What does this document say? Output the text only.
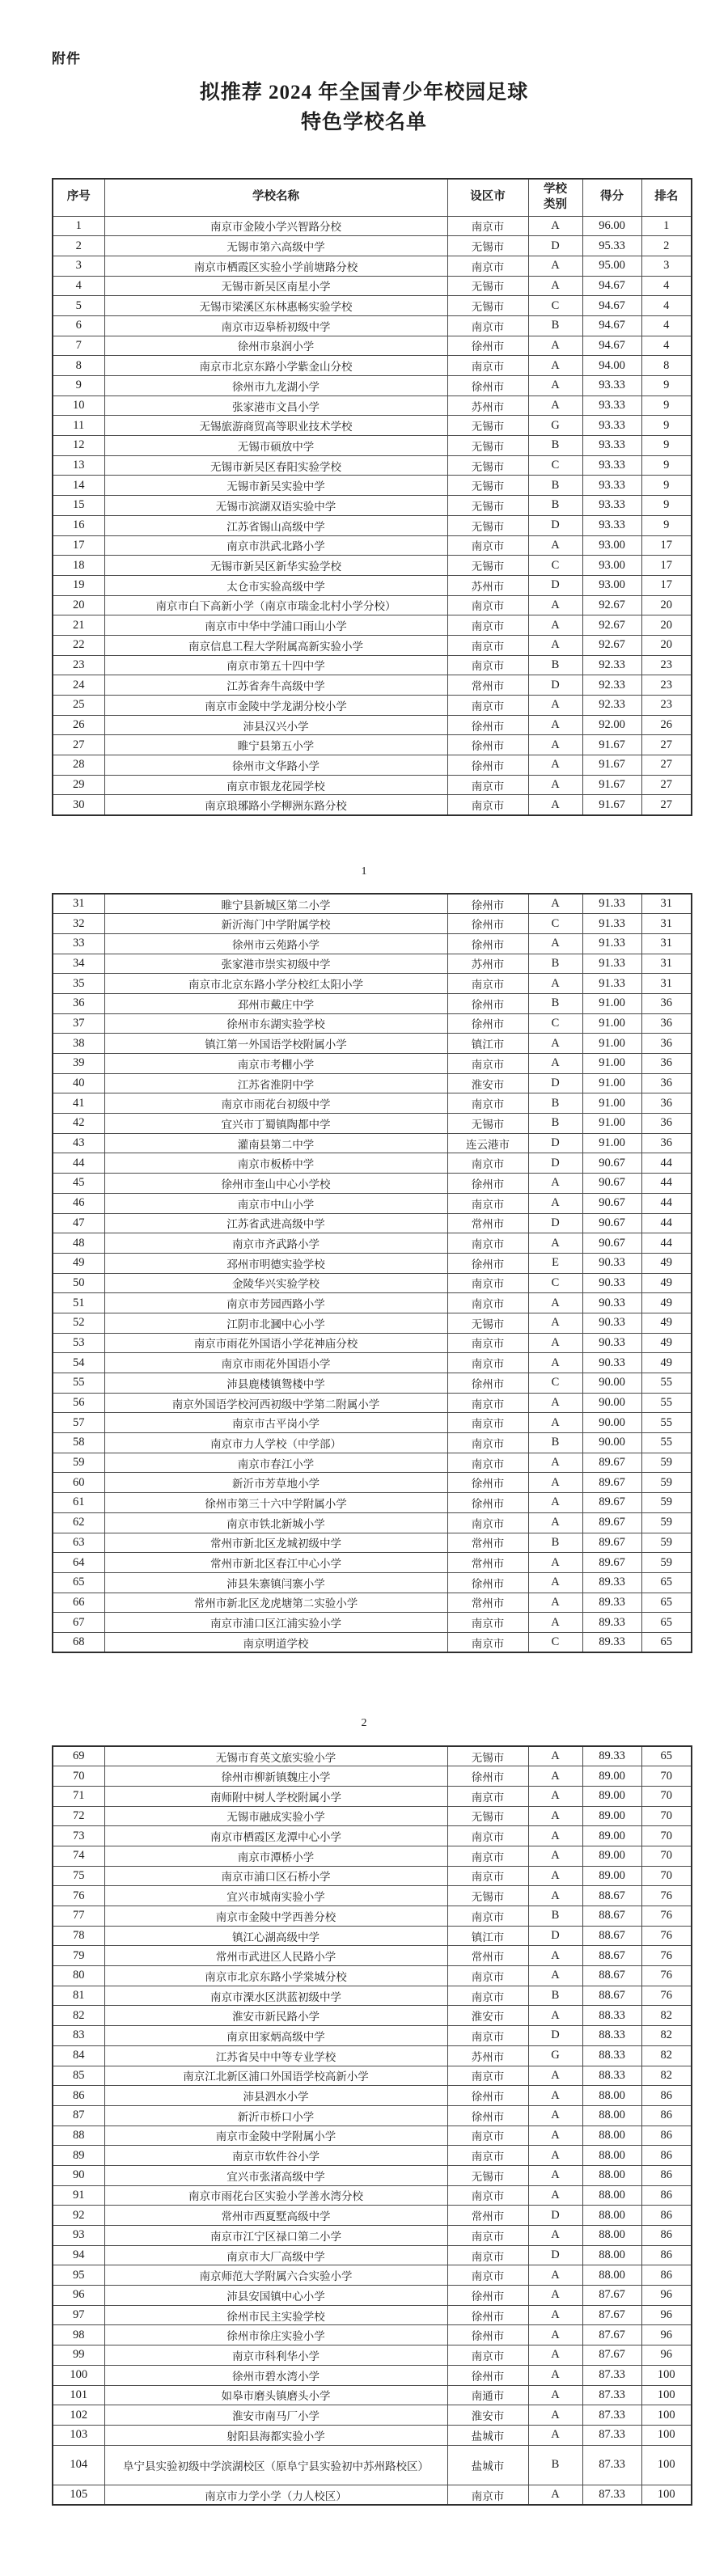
附件
拟推荐 2024 年全国青少年校园足球
特色学校名单
序号	学校名称	设区市	学校类别	得分	排名
1	南京市金陵小学兴智路分校	南京市	A	96.00	1
2	无锡市第六高级中学	无锡市	D	95.33	2
3	南京市栖霞区实验小学前塘路分校	南京市	A	95.00	3
4	无锡市新吴区南星小学	无锡市	A	94.67	4
5	无锡市梁溪区东林惠畅实验学校	无锡市	C	94.67	4
6	南京市迈皋桥初级中学	南京市	B	94.67	4
7	徐州市泉润小学	徐州市	A	94.67	4
8	南京市北京东路小学紫金山分校	南京市	A	94.00	8
9	徐州市九龙湖小学	徐州市	A	93.33	9
10	张家港市文昌小学	苏州市	A	93.33	9
11	无锡旅游商贸高等职业技术学校	无锡市	G	93.33	9
12	无锡市硕放中学	无锡市	B	93.33	9
13	无锡市新吴区春阳实验学校	无锡市	C	93.33	9
14	无锡市新吴实验中学	无锡市	B	93.33	9
15	无锡市滨湖双语实验中学	无锡市	B	93.33	9
16	江苏省锡山高级中学	无锡市	D	93.33	9
17	南京市洪武北路小学	南京市	A	93.00	17
18	无锡市新吴区新华实验学校	无锡市	C	93.00	17
19	太仓市实验高级中学	苏州市	D	93.00	17
20	南京市白下高新小学（南京市瑞金北村小学分校）	南京市	A	92.67	20
21	南京市中华中学浦口雨山小学	南京市	A	92.67	20
22	南京信息工程大学附属高新实验小学	南京市	A	92.67	20
23	南京市第五十四中学	南京市	B	92.33	23
24	江苏省奔牛高级中学	常州市	D	92.33	23
25	南京市金陵中学龙湖分校小学	南京市	A	92.33	23
26	沛县汉兴小学	徐州市	A	92.00	26
27	睢宁县第五小学	徐州市	A	91.67	27
28	徐州市文华路小学	徐州市	A	91.67	27
29	南京市银龙花园学校	南京市	A	91.67	27
30	南京琅琊路小学柳洲东路分校	南京市	A	91.67	27
1
31	睢宁县新城区第二小学	徐州市	A	91.33	31
32	新沂海门中学附属学校	徐州市	C	91.33	31
33	徐州市云苑路小学	徐州市	A	91.33	31
34	张家港市崇实初级中学	苏州市	B	91.33	31
35	南京市北京东路小学分校红太阳小学	南京市	A	91.33	31
36	邳州市戴庄中学	徐州市	B	91.00	36
37	徐州市东湖实验学校	徐州市	C	91.00	36
38	镇江第一外国语学校附属小学	镇江市	A	91.00	36
39	南京市考棚小学	南京市	A	91.00	36
40	江苏省淮阴中学	淮安市	D	91.00	36
41	南京市雨花台初级中学	南京市	B	91.00	36
42	宜兴市丁蜀镇陶都中学	无锡市	B	91.00	36
43	灌南县第二中学	连云港市	D	91.00	36
44	南京市板桥中学	南京市	D	90.67	44
45	徐州市奎山中心小学校	徐州市	A	90.67	44
46	南京市中山小学	南京市	A	90.67	44
47	江苏省武进高级中学	常州市	D	90.67	44
48	南京市齐武路小学	南京市	A	90.67	44
49	邳州市明德实验学校	徐州市	E	90.33	49
50	金陵华兴实验学校	南京市	C	90.33	49
51	南京市芳园西路小学	南京市	A	90.33	49
52	江阴市北漍中心小学	无锡市	A	90.33	49
53	南京市雨花外国语小学花神庙分校	南京市	A	90.33	49
54	南京市雨花外国语小学	南京市	A	90.33	49
55	沛县鹿楼镇鸳楼中学	徐州市	C	90.00	55
56	南京外国语学校河西初级中学第二附属小学	南京市	A	90.00	55
57	南京市古平岗小学	南京市	A	90.00	55
58	南京市力人学校（中学部）	南京市	B	90.00	55
59	南京市春江小学	南京市	A	89.67	59
60	新沂市芳草地小学	徐州市	A	89.67	59
61	徐州市第三十六中学附属小学	徐州市	A	89.67	59
62	南京市铁北新城小学	南京市	A	89.67	59
63	常州市新北区龙城初级中学	常州市	B	89.67	59
64	常州市新北区春江中心小学	常州市	A	89.67	59
65	沛县朱寨镇闫寨小学	徐州市	A	89.33	65
66	常州市新北区龙虎塘第二实验小学	常州市	A	89.33	65
67	南京市浦口区江浦实验小学	南京市	A	89.33	65
68	南京明道学校	南京市	C	89.33	65
2
69	无锡市育英文旅实验小学	无锡市	A	89.33	65
70	徐州市柳新镇魏庄小学	徐州市	A	89.00	70
71	南师附中树人学校附属小学	南京市	A	89.00	70
72	无锡市融成实验小学	无锡市	A	89.00	70
73	南京市栖霞区龙潭中心小学	南京市	A	89.00	70
74	南京市潭桥小学	南京市	A	89.00	70
75	南京市浦口区石桥小学	南京市	A	89.00	70
76	宜兴市城南实验小学	无锡市	A	88.67	76
77	南京市金陵中学西善分校	南京市	B	88.67	76
78	镇江心湖高级中学	镇江市	D	88.67	76
79	常州市武进区人民路小学	常州市	A	88.67	76
80	南京市北京东路小学棠城分校	南京市	A	88.67	76
81	南京市溧水区洪蓝初级中学	南京市	B	88.67	76
82	淮安市新民路小学	淮安市	A	88.33	82
83	南京田家炳高级中学	南京市	D	88.33	82
84	江苏省吴中中等专业学校	苏州市	G	88.33	82
85	南京江北新区浦口外国语学校高新小学	南京市	A	88.33	82
86	沛县泗水小学	徐州市	A	88.00	86
87	新沂市桥口小学	徐州市	A	88.00	86
88	南京市金陵中学附属小学	南京市	A	88.00	86
89	南京市软件谷小学	南京市	A	88.00	86
90	宜兴市张渚高级中学	无锡市	A	88.00	86
91	南京市雨花台区实验小学善水湾分校	南京市	A	88.00	86
92	常州市西夏墅高级中学	常州市	D	88.00	86
93	南京市江宁区禄口第二小学	南京市	A	88.00	86
94	南京市大厂高级中学	南京市	D	88.00	86
95	南京师范大学附属六合实验小学	南京市	A	88.00	86
96	沛县安国镇中心小学	徐州市	A	87.67	96
97	徐州市民主实验学校	徐州市	A	87.67	96
98	徐州市徐庄实验小学	徐州市	A	87.67	96
99	南京市科利华小学	南京市	A	87.67	96
100	徐州市碧水湾小学	徐州市	A	87.33	100
101	如皋市磨头镇磨头小学	南通市	A	87.33	100
102	淮安市南马厂小学	淮安市	A	87.33	100
103	射阳县海都实验小学	盐城市	A	87.33	100
104	阜宁县实验初级中学滨湖校区（原阜宁县实验初中苏州路校区）	盐城市	B	87.33	100
105	南京市力学小学（力人校区）	南京市	A	87.33	100
